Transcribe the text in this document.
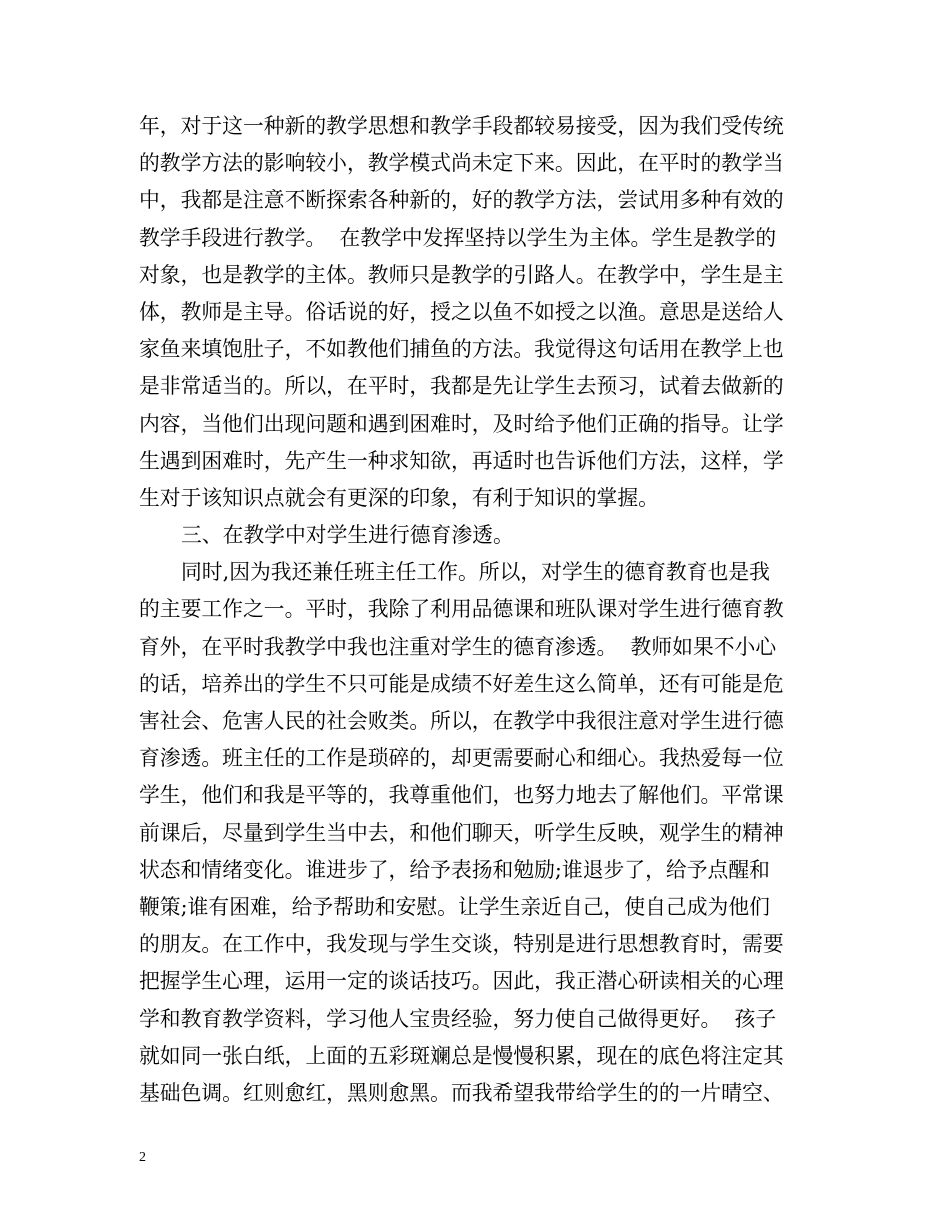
年，对于这一种新的教学思想和教学手段都较易接受，因为我们受传统
的教学方法的影响较小，教学模式尚未定下来。因此，在平时的教学当
中，我都是注意不断探索各种新的，好的教学方法，尝试用多种有效的
教学手段进行教学。  在教学中发挥坚持以学生为主体。学生是教学的
对象，也是教学的主体。教师只是教学的引路人。在教学中，学生是主
体，教师是主导。俗话说的好，授之以鱼不如授之以渔。意思是送给人
家鱼来填饱肚子，不如教他们捕鱼的方法。我觉得这句话用在教学上也
是非常适当的。所以，在平时，我都是先让学生去预习，试着去做新的
内容，当他们出现问题和遇到困难时，及时给予他们正确的指导。让学
生遇到困难时，先产生一种求知欲，再适时也告诉他们方法，这样，学
生对于该知识点就会有更深的印象，有利于知识的掌握。
三、在教学中对学生进行德育渗透。
同时,因为我还兼任班主任工作。所以，对学生的德育教育也是我
的主要工作之一。平时，我除了利用品德课和班队课对学生进行德育教
育外，在平时我教学中我也注重对学生的德育渗透。  教师如果不小心
的话，培养出的学生不只可能是成绩不好差生这么简单，还有可能是危
害社会、危害人民的社会败类。所以，在教学中我很注意对学生进行德
育渗透。班主任的工作是琐碎的，却更需要耐心和细心。我热爱每一位
学生，他们和我是平等的，我尊重他们，也努力地去了解他们。平常课
前课后，尽量到学生当中去，和他们聊天，听学生反映，观学生的精神
状态和情绪变化。谁进步了，给予表扬和勉励;谁退步了，给予点醒和
鞭策;谁有困难，给予帮助和安慰。让学生亲近自己，使自己成为他们
的朋友。在工作中，我发现与学生交谈，特别是进行思想教育时，需要
把握学生心理，运用一定的谈话技巧。因此，我正潜心研读相关的心理
学和教育教学资料，学习他人宝贵经验，努力使自己做得更好。  孩子
就如同一张白纸，上面的五彩斑斓总是慢慢积累，现在的底色将注定其
基础色调。红则愈红，黑则愈黑。而我希望我带给学生的的一片晴空、
2
